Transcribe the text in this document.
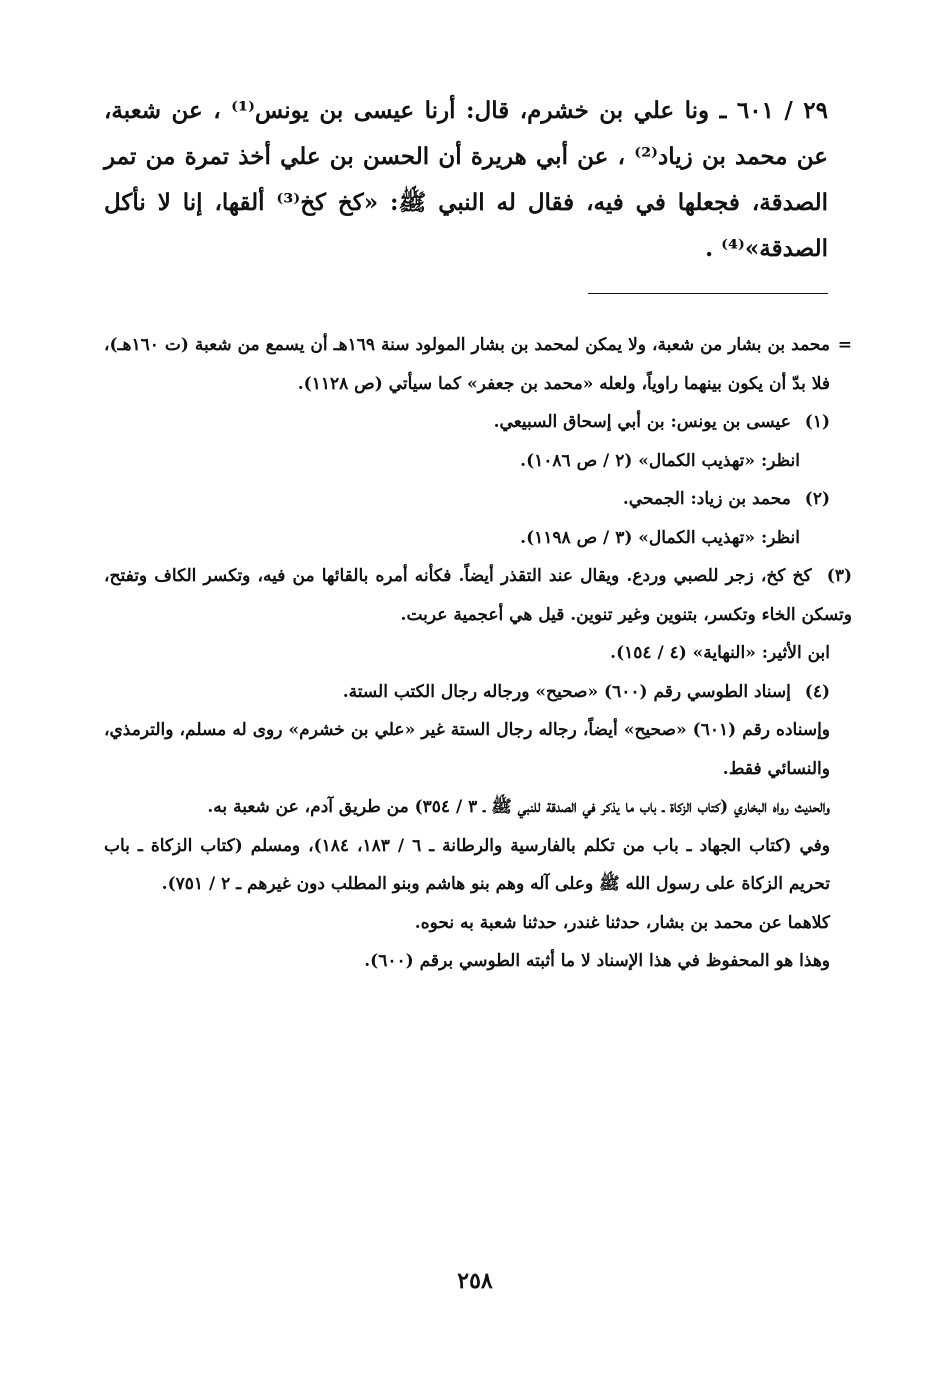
٢٩ / ٦٠١ ـ ونا علي بن خشرم، قال: أرنا عيسى بن يونس⁽¹⁾ ، عن شعبة، عن محمد بن زياد⁽²⁾ ، عن أبي هريرة أن الحسن بن علي أخذ تمرة من تمر الصدقة، فجعلها في فيه، فقال له النبي ﷺ: «كخ كخ⁽³⁾ ألقها، إنا لا نأكل الصدقة»⁽⁴⁾ .

=
محمد بن بشار من شعبة، ولا يمكن لمحمد بن بشار المولود سنة ١٦٩هـ أن يسمع من شعبة (ت ١٦٠هـ)، فلا بدّ أن يكون بينهما راوياً، ولعله «محمد بن جعفر» كما سيأتي (ص ١١٢٨).

(١) عيسى بن يونس: بن أبي إسحاق السبيعي.

انظر: «تهذيب الكمال» (٢ / ص ١٠٨٦).

(٢) محمد بن زياد: الجمحي.

انظر: «تهذيب الكمال» (٣ / ص ١١٩٨).

(٣) كخ كخ، زجر للصبي وردع. ويقال عند التقذر أيضاً. فكأنه أمره بالقائها من فيه، وتكسر الكاف وتفتح، وتسكن الخاء وتكسر، بتنوين وغير تنوين. قيل هي أعجمية عربت.

ابن الأثير: «النهاية» (٤ / ١٥٤).

(٤) إسناد الطوسي رقم (٦٠٠) «صحيح» ورجاله رجال الكتب الستة.

وإسناده رقم (٦٠١) «صحيح» أيضاً، رجاله رجال الستة غير «علي بن خشرم» روى له مسلم، والترمذي، والنسائي فقط.

والحديث رواه البخاري (كتاب الزكاة ـ باب ما يذكر في الصدقة للنبي ﷺ ـ ٣ / ٣٥٤) من طريق آدم، عن شعبة به.

وفي (كتاب الجهاد ـ باب من تكلم بالفارسية والرطانة ـ ٦ / ١٨٣، ١٨٤)، ومسلم (كتاب الزكاة ـ باب تحريم الزكاة على رسول الله ﷺ وعلى آله وهم بنو هاشم وبنو المطلب دون غيرهم ـ ٢ / ٧٥١).

كلاهما عن محمد بن بشار، حدثنا غندر، حدثنا شعبة به نحوه.

وهذا هو المحفوظ في هذا الإسناد لا ما أثبته الطوسي برقم (٦٠٠).

٢٥٨
